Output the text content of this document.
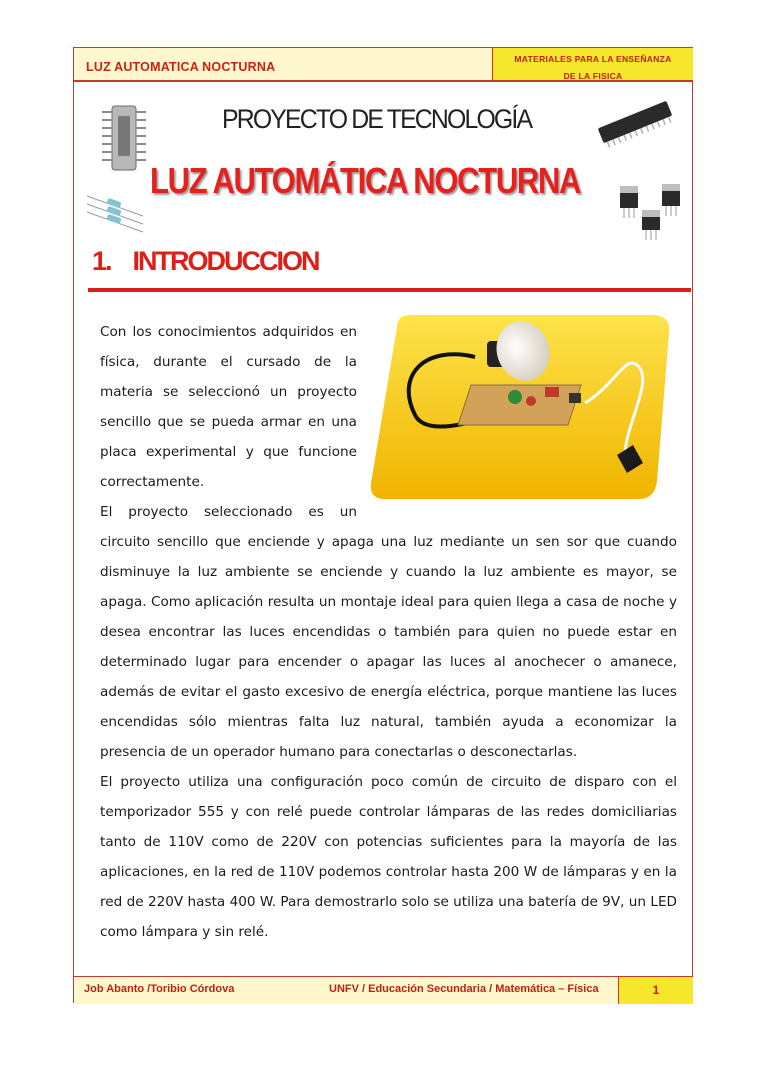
LUZ AUTOMATICA NOCTURNA
MATERIALES PARA LA ENSEÑANZA
DE LA FISICA
Job Abanto /Toribio Córdova	UNFV / Educación Secundaria / Matemática – Física	1
PROYECTO DE TECNOLOGÍA
LUZ AUTOMÁTICA NOCTURNA
1. INTRODUCCION
Con los conocimientos adquiridos en física, durante el cursado de la materia se seleccionó un proyecto sencillo que se pueda armar en una placa experimental y que funcione correctamente.
El proyecto seleccionado es un circuito sencillo que enciende y apaga una luz mediante un sen sor que cuando disminuye la luz ambiente se enciende y cuando la luz ambiente es mayor, se apaga. Como aplicación resulta un montaje ideal para quien llega a casa de noche y desea encontrar las luces encendidas o también para quien no puede estar en determinado lugar para encender o apagar las luces al anochecer o amanece, además de evitar el gasto excesivo de energía eléctrica, porque mantiene las luces encendidas sólo mientras falta luz natural, también ayuda a economizar la presencia de un operador humano para conectarlas o desconectarlas.
El proyecto utiliza una configuración poco común de circuito de disparo con el temporizador 555 y con relé puede controlar lámparas de las redes domiciliarias tanto de 110V como de 220V con potencias suficientes para la mayoría de las aplicaciones, en la red de 110V podemos controlar hasta 200 W de lámparas y en la red de 220V hasta 400 W. Para demostrarlo solo se utiliza una batería de 9V, un LED como lámpara y sin relé.
